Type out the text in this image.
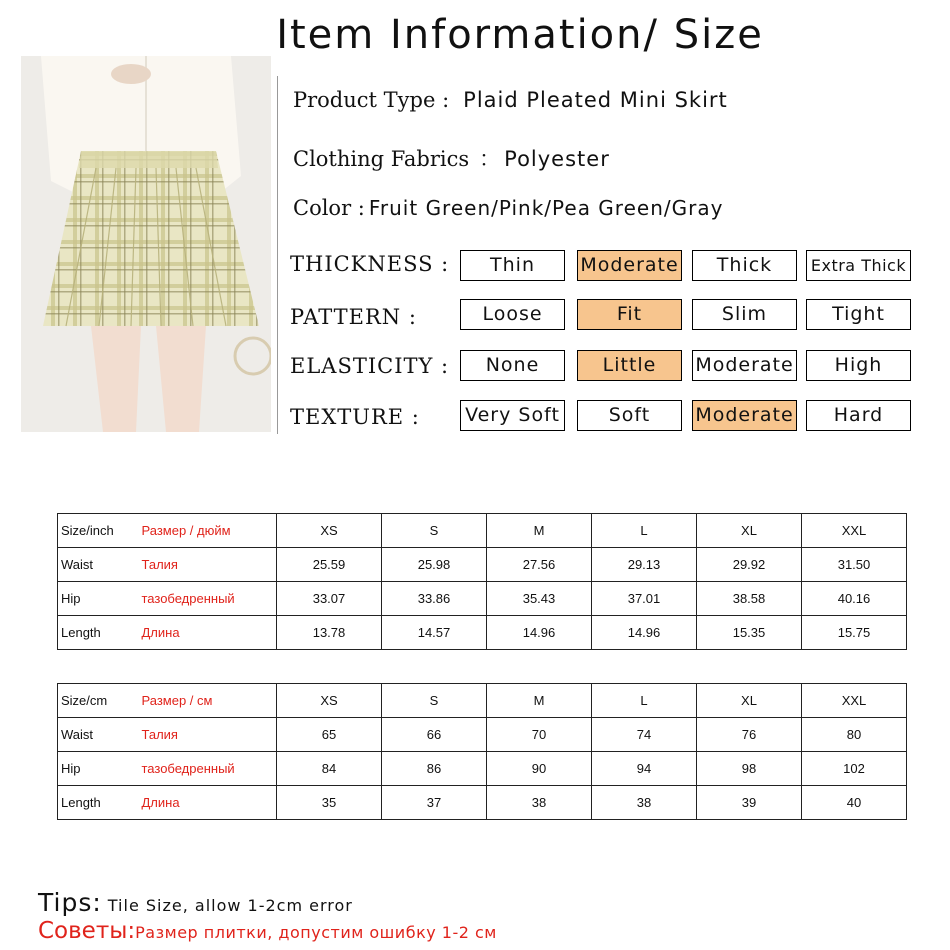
Item Information/ Size
Product Type : Plaid Pleated Mini Skirt
Clothing Fabrics ： Polyester
Color : Fruit Green/Pink/Pea Green/Gray
THICKNESS :	Thin	Moderate	Thick	Extra Thick
PATTERN :	Loose	Fit	Slim	Tight
ELASTICITY :	None	Little	Moderate	High
TEXTURE : Very Soft	Soft	Moderate	Hard
Size/inch	Размер / дюйм	XS	S	M	L	XL	XXL
Waist	Талия	25.59	25.98	27.56	29.13	29.92	31.50
Hip	тазобедренный	33.07	33.86	35.43	37.01	38.58	40.16
Length	Длина	13.78	14.57	14.96	14.96	15.35	15.75
Size/cm	Размер / см	XS	S	M	L	XL	XXL
Waist	Талия	65	66	70	74	76	80
Hip	тазобедренный	84	86	90	94	98	102
Length	Длина	35	37	38	38	39	40
Tips: Tile Size, allow 1-2cm error
Советы:Размер плитки, допустим ошибку 1-2 см
